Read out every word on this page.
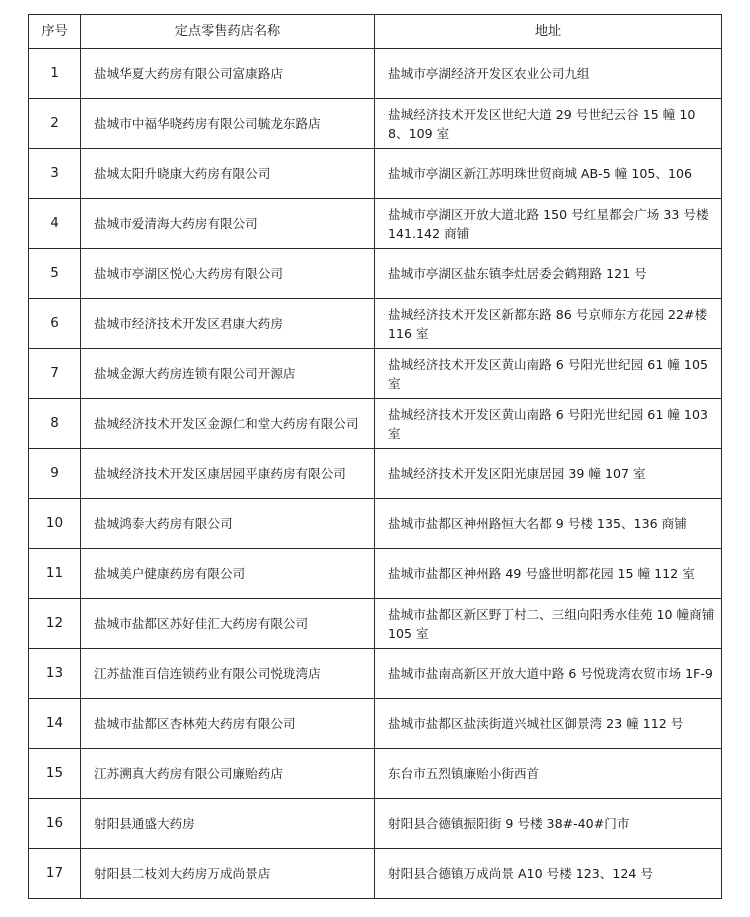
序号	定点零售药店名称	地址
1	盐城华夏大药房有限公司富康路店	盐城市亭湖经济开发区农业公司九组
2	盐城市中福华晓药房有限公司毓龙东路店	盐城经济技术开发区世纪大道 29 号世纪云谷 15 幢 108、109 室
3	盐城太阳升晓康大药房有限公司	盐城市亭湖区新江苏明珠世贸商城 AB-5 幢 105、106
4	盐城市爱清海大药房有限公司	盐城市亭湖区开放大道北路 150 号红星都会广场 33 号楼 141.142 商铺
5	盐城市亭湖区悦心大药房有限公司	盐城市亭湖区盐东镇李灶居委会鹤翔路 121 号
6	盐城市经济技术开发区君康大药房	盐城经济技术开发区新都东路 86 号京师东方花园 22#楼 116 室
7	盐城金源大药房连锁有限公司开源店	盐城经济技术开发区黄山南路 6 号阳光世纪园 61 幢 105 室
8	盐城经济技术开发区金源仁和堂大药房有限公司	盐城经济技术开发区黄山南路 6 号阳光世纪园 61 幢 103 室
9	盐城经济技术开发区康居园平康药房有限公司	盐城经济技术开发区阳光康居园 39 幢 107 室
10	盐城鸿泰大药房有限公司	盐城市盐都区神州路恒大名都 9 号楼 135、136 商铺
11	盐城美户健康药房有限公司	盐城市盐都区神州路 49 号盛世明都花园 15 幢 112 室
12	盐城市盐都区苏好佳汇大药房有限公司	盐城市盐都区新区野丁村二、三组向阳秀水佳苑 10 幢商铺 105 室
13	江苏盐淮百信连锁药业有限公司悦珑湾店	盐城市盐南高新区开放大道中路 6 号悦珑湾农贸市场 1F-9
14	盐城市盐都区杏林苑大药房有限公司	盐城市盐都区盐渎街道兴城社区御景湾 23 幢 112 号
15	江苏溯真大药房有限公司廉贻药店	东台市五烈镇廉贻小街西首
16	射阳县通盛大药房	射阳县合德镇振阳街 9 号楼 38#-40#门市
17	射阳县二枝刘大药房万成尚景店	射阳县合德镇万成尚景 A10 号楼 123、124 号
